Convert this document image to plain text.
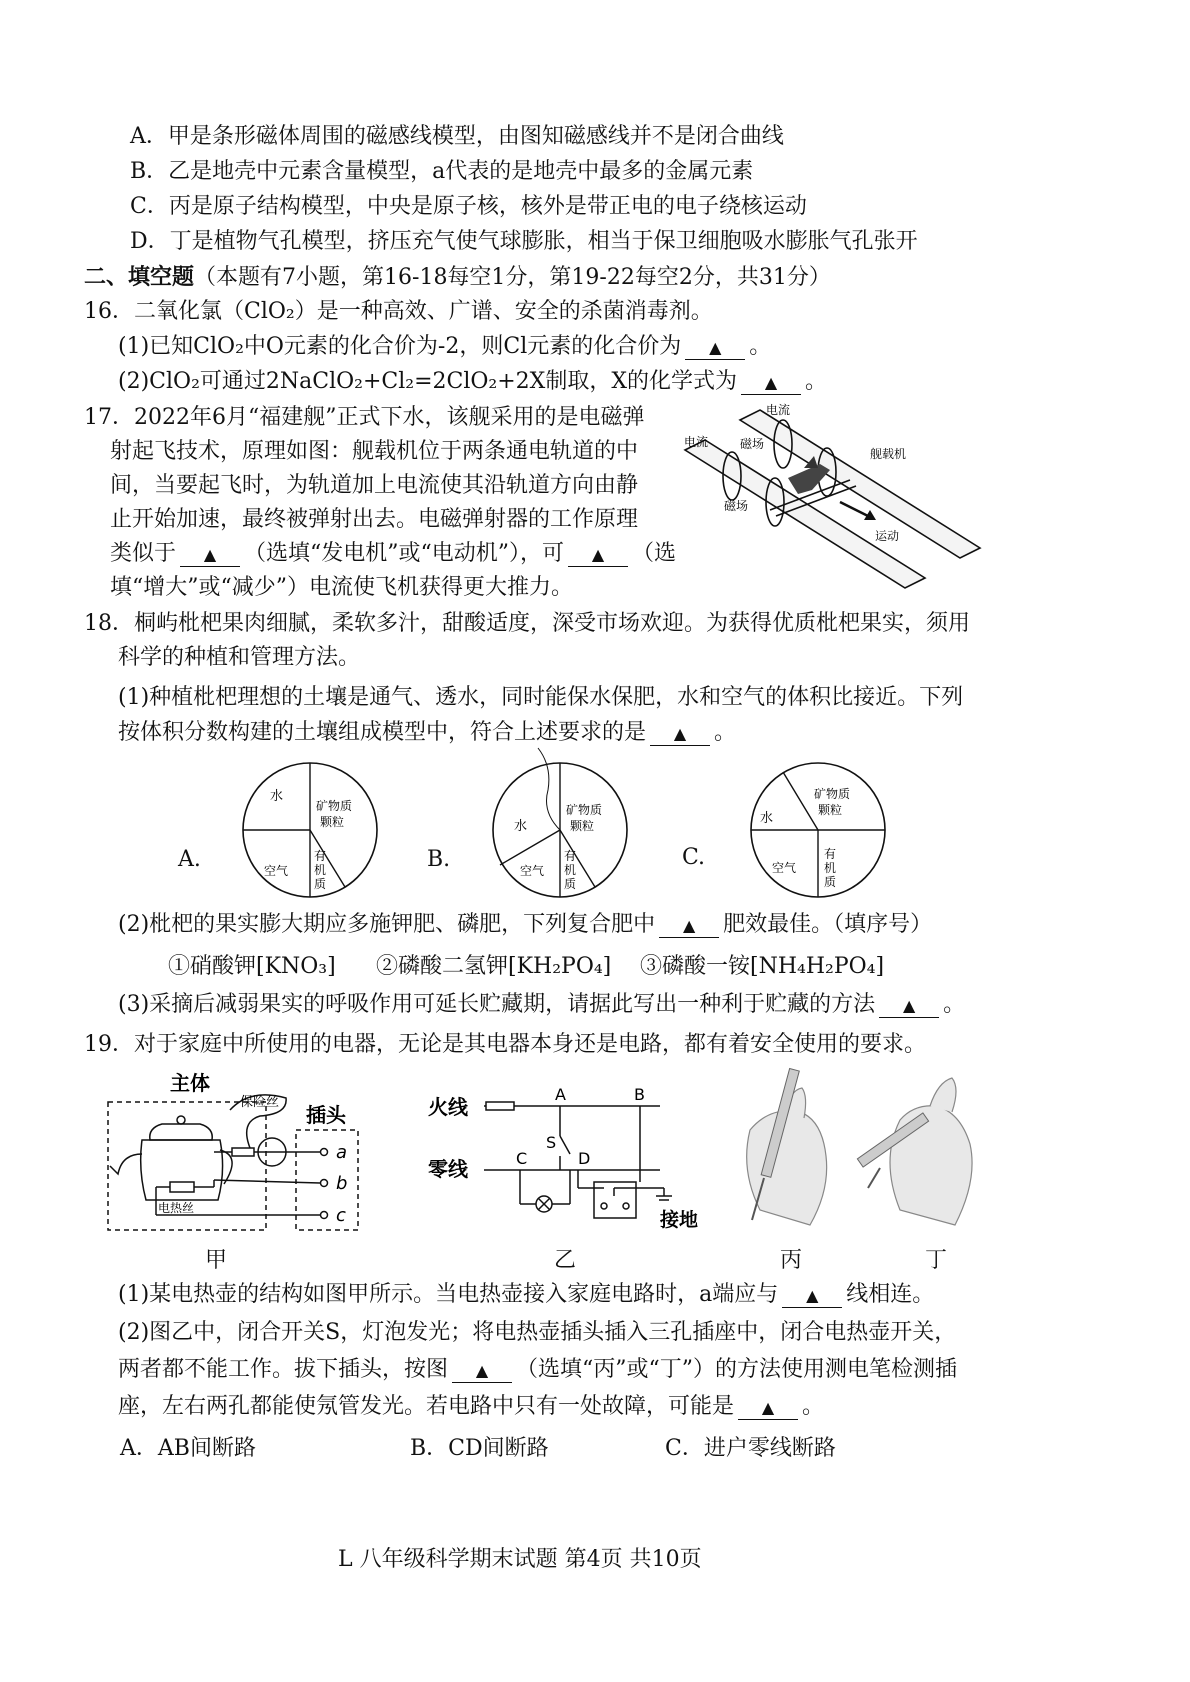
A．甲是条形磁体周围的磁感线模型，由图知磁感线并不是闭合曲线
B．乙是地壳中元素含量模型，a代表的是地壳中最多的金属元素
C．丙是原子结构模型，中央是原子核，核外是带正电的电子绕核运动
D．丁是植物气孔模型，挤压充气使气球膨胀，相当于保卫细胞吸水膨胀气孔张开
二、填空题（本题有7小题，第16-18每空1分，第19-22每空2分，共31分）
16．二氧化氯（ClO₂）是一种高效、广谱、安全的杀菌消毒剂。
(1)已知ClO₂中O元素的化合价为-2，则Cl元素的化合价为 ▲ 。
(2)ClO₂可通过2NaClO₂+Cl₂=2ClO₂+2X制取，X的化学式为 ▲ 。
17．2022年6月“福建舰”正式下水，该舰采用的是电磁弹
射起飞技术，原理如图：舰载机位于两条通电轨道的中
间，当要起飞时，为轨道加上电流使其沿轨道方向由静
止开始加速，最终被弹射出去。电磁弹射器的工作原理
类似于 ▲ （选填“发电机”或“电动机”），可 ▲ （选
填“增大”或“减少”）电流使飞机获得更大推力。
电流
磁场
舰载机
电流
磁场
运动
18．桐屿枇杷果肉细腻，柔软多汁，甜酸适度，深受市场欢迎。为获得优质枇杷果实，须用
科学的种植和管理方法。
(1)种植枇杷理想的土壤是通气、透水，同时能保水保肥，水和空气的体积比接近。下列
按体积分数构建的土壤组成模型中，符合上述要求的是 ▲ 。
A.
水
矿物质
颗粒
空气
有
机
质
B.
水
矿物质
颗粒
空气
有
机
质
C.
水
矿物质
颗粒
空气
有
机
质
(2)枇杷的果实膨大期应多施钾肥、磷肥，下列复合肥中 ▲ 肥效最佳。（填序号）
①硝酸钾[KNO₃] ②磷酸二氢钾[KH₂PO₄] ③磷酸一铵[NH₄H₂PO₄]
(3)采摘后减弱果实的呼吸作用可延长贮藏期，请据此写出一种利于贮藏的方法 ▲ 。
19．对于家庭中所使用的电器，无论是其电器本身还是电路，都有着安全使用的要求。
主体
保险丝
插头
电热丝
a
b
c
甲
火线
零线
A	B
S
C	D
接地
乙	丙	丁
(1)某电热壶的结构如图甲所示。当电热壶接入家庭电路时，a端应与 ▲ 线相连。
(2)图乙中，闭合开关S，灯泡发光；将电热壶插头插入三孔插座中，闭合电热壶开关，
两者都不能工作。拔下插头，按图 ▲ （选填“丙”或“丁”）的方法使用测电笔检测插
座，左右两孔都能使氖管发光。若电路中只有一处故障，可能是 ▲ 。
A．AB间断路	B．CD间断路	C．进户零线断路
L 八年级科学期末试题 第4页 共10页
